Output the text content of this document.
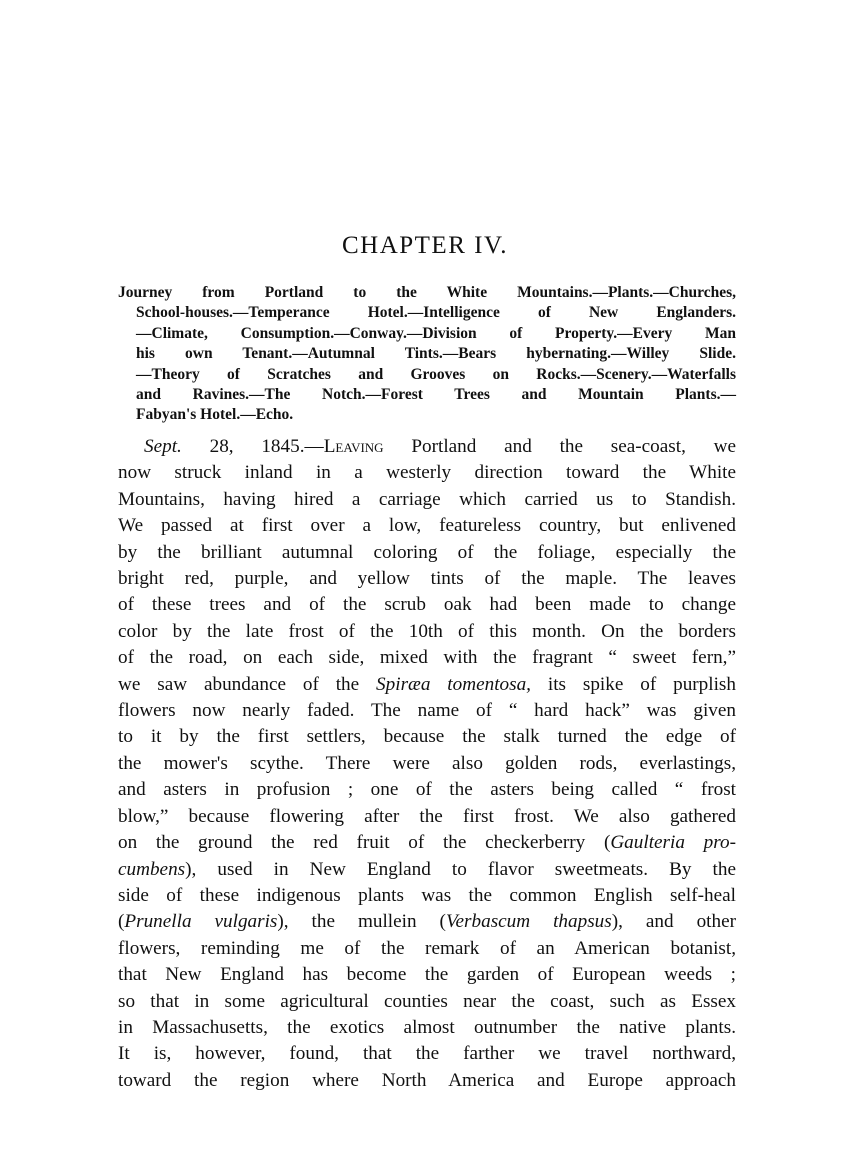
CHAPTER IV.
Journey from Portland to the White Mountains.—Plants.—Churches,
School-houses.—Temperance Hotel.—Intelligence of New Englanders.
—Climate, Consumption.—Conway.—Division of Property.—Every Man
his own Tenant.—Autumnal Tints.—Bears hybernating.—Willey Slide.
—Theory of Scratches and Grooves on Rocks.—Scenery.—Waterfalls
and Ravines.—The Notch.—Forest Trees and Mountain Plants.—
Fabyan's Hotel.—Echo.
Sept. 28, 1845.—Leaving Portland and the sea-coast, we
now struck inland in a westerly direction toward the White
Mountains, having hired a carriage which carried us to Standish.
We passed at first over a low, featureless country, but enlivened
by the brilliant autumnal coloring of the foliage, especially the
bright red, purple, and yellow tints of the maple. The leaves
of these trees and of the scrub oak had been made to change
color by the late frost of the 10th of this month. On the borders
of the road, on each side, mixed with the fragrant “ sweet fern,”
we saw abundance of the Spiræa tomentosa, its spike of purplish
flowers now nearly faded. The name of “ hard hack” was given
to it by the first settlers, because the stalk turned the edge of
the mower's scythe. There were also golden rods, everlastings,
and asters in profusion ; one of the asters being called “ frost
blow,” because flowering after the first frost. We also gathered
on the ground the red fruit of the checkerberry (Gaulteria pro-
cumbens), used in New England to flavor sweetmeats. By the
side of these indigenous plants was the common English self-heal
(Prunella vulgaris), the mullein (Verbascum thapsus), and other
flowers, reminding me of the remark of an American botanist,
that New England has become the garden of European weeds ;
so that in some agricultural counties near the coast, such as Essex
in Massachusetts, the exotics almost outnumber the native plants.
It is, however, found, that the farther we travel northward,
toward the region where North America and Europe approach
